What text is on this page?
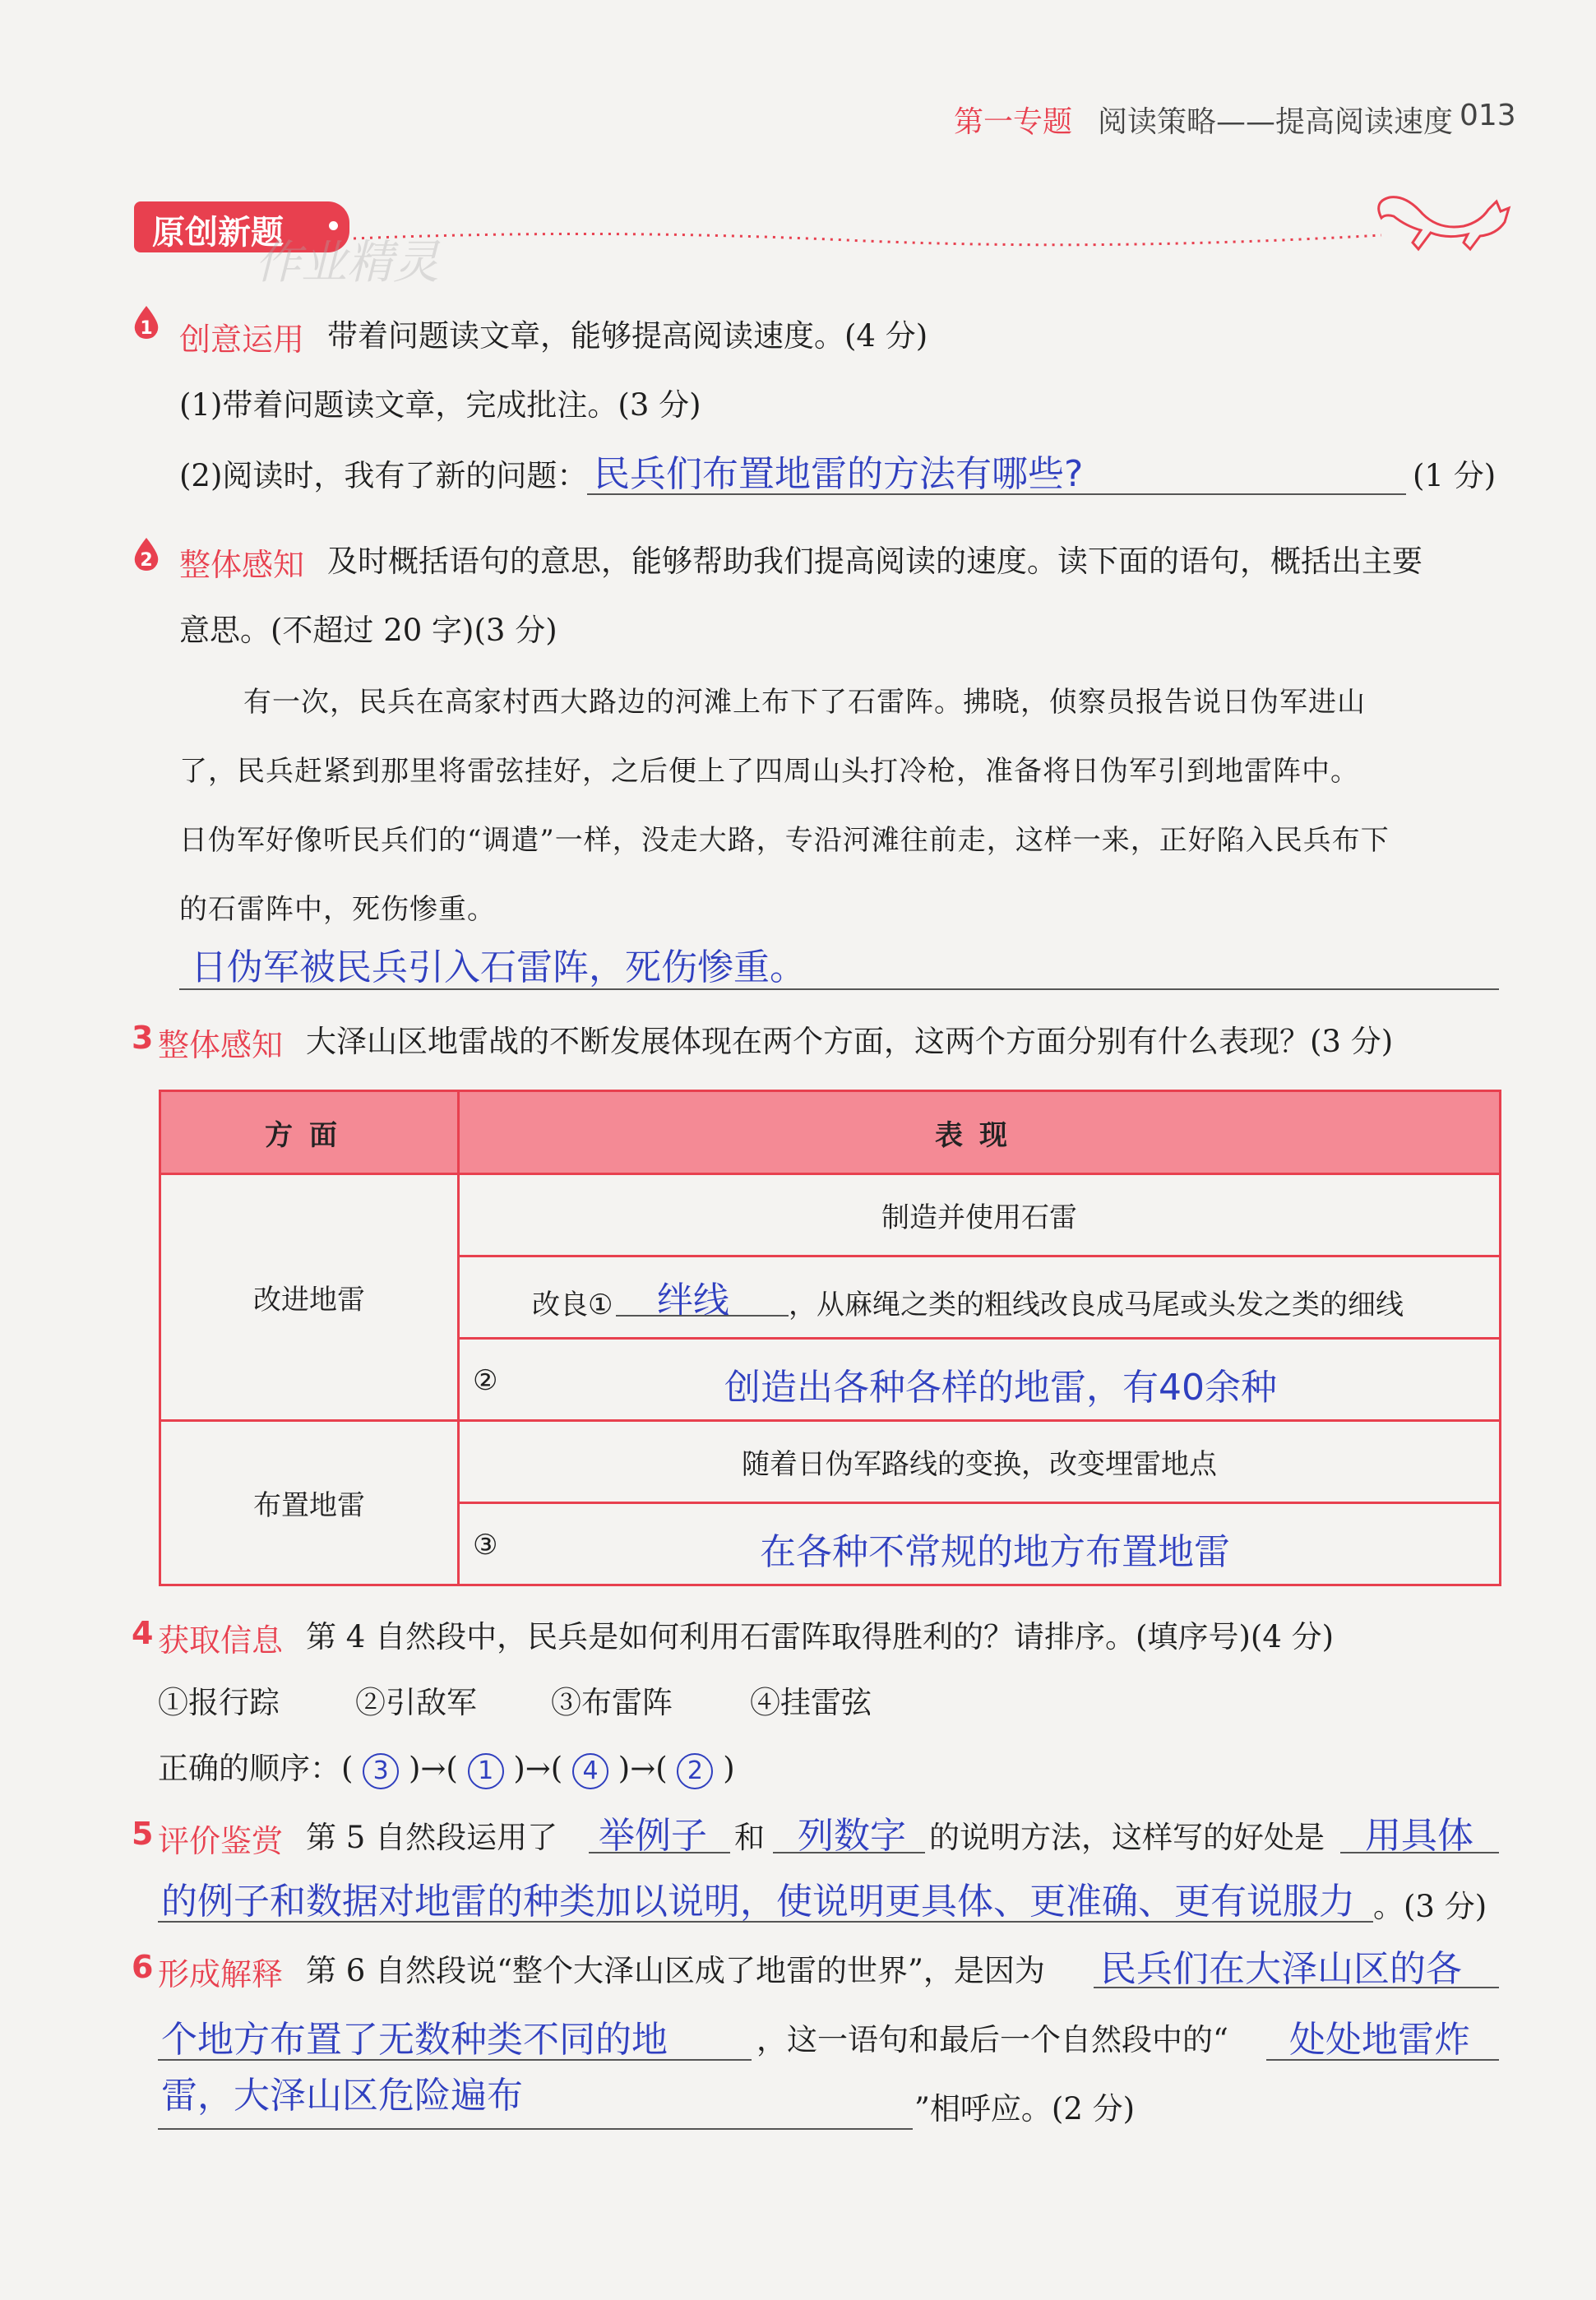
第一专题 阅读策略——提高阅读速度 013
原创新题
作业精灵
1 创意运用 带着问题读文章，能够提高阅读速度。(4 分)
(1)带着问题读文章，完成批注。(3 分)
(2)阅读时，我有了新的问题： 民兵们布置地雷的方法有哪些?	(1 分)
2 整体感知 及时概括语句的意思，能够帮助我们提高阅读的速度。读下面的语句，概括出主要
意思。(不超过 20 字)(3 分)
有一次，民兵在高家村西大路边的河滩上布下了石雷阵。拂晓，侦察员报告说日伪军进山
了，民兵赶紧到那里将雷弦挂好，之后便上了四周山头打冷枪，准备将日伪军引到地雷阵中。
日伪军好像听民兵们的“调遣”一样，没走大路，专沿河滩往前走，这样一来，正好陷入民兵布下
的石雷阵中，死伤惨重。
日伪军被民兵引入石雷阵，死伤惨重。
3 整体感知 大泽山区地雷战的不断发展体现在两个方面，这两个方面分别有什么表现？(3 分)
方面	表现
改进地雷	制造并使用石雷

	改良① 绊线 ，从麻绳之类的粗线改良成马尾或头发之类的细线

	② 创造出各种各样的地雷，有40余种

布置地雷	随着日伪军路线的变换，改变埋雷地点

	③ 在各种不常规的地方布置地雷
4 获取信息 第 4 自然段中，民兵是如何利用石雷阵取得胜利的？请排序。(填序号)(4 分)
①报行踪 ②引敌军 ③布雷阵	④挂雷弦
正确的顺序： ( 3 )→( 1 )→( 4 )→( 2 )
5 评价鉴赏 第 5 自然段运用了 举例子 和 列数字 的说明方法，这样写的好处是 用具体
的例子和数据对地雷的种类加以说明，使说明更具体、更准确、更有说服力 。(3 分)
6 形成解释 第 6 自然段说“整个大泽山区成了地雷的世界”，是因为 民兵们在大泽山区的各
个地方布置了无数种类不同的地	，这一语句和最后一个自然段中的“ 处处地雷炸
雷，大泽山区危险遍布	”相呼应。(2 分)
